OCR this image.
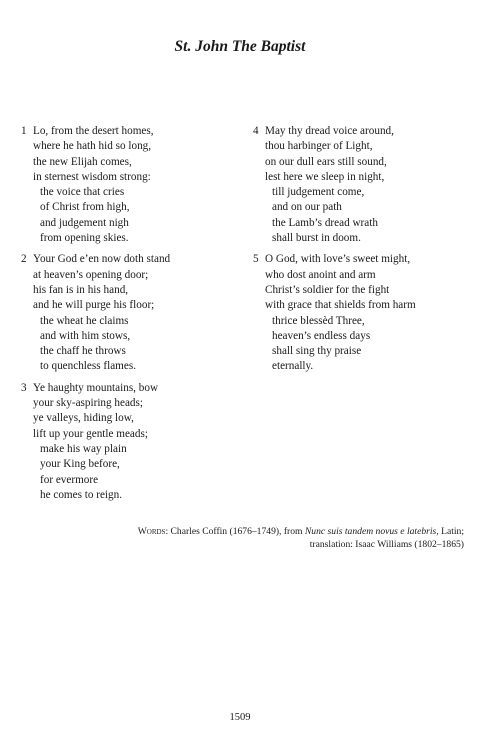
St. John The Baptist
1 Lo, from the desert homes,
where he hath hid so long,
the new Elijah comes,
in sternest wisdom strong:
the voice that cries
of Christ from high,
and judgement nigh
from opening skies.
2 Your God e’en now doth stand
at heaven’s opening door;
his fan is in his hand,
and he will purge his floor;
the wheat he claims
and with him stows,
the chaff he throws
to quenchless flames.
3 Ye haughty mountains, bow
your sky-aspiring heads;
ye valleys, hiding low,
lift up your gentle meads;
make his way plain
your King before,
for evermore
he comes to reign.
4 May thy dread voice around,
thou harbinger of Light,
on our dull ears still sound,
lest here we sleep in night,
till judgement come,
and on our path
the Lamb’s dread wrath
shall burst in doom.
5 O God, with love’s sweet might,
who dost anoint and arm
Christ’s soldier for the fight
with grace that shields from harm
thrice blessèd Three,
heaven’s endless days
shall sing thy praise
eternally.
Words: Charles Coffin (1676–1749), from Nunc suis tandem novus e latebris, Latin;
translation: Isaac Williams (1802–1865)
1509
